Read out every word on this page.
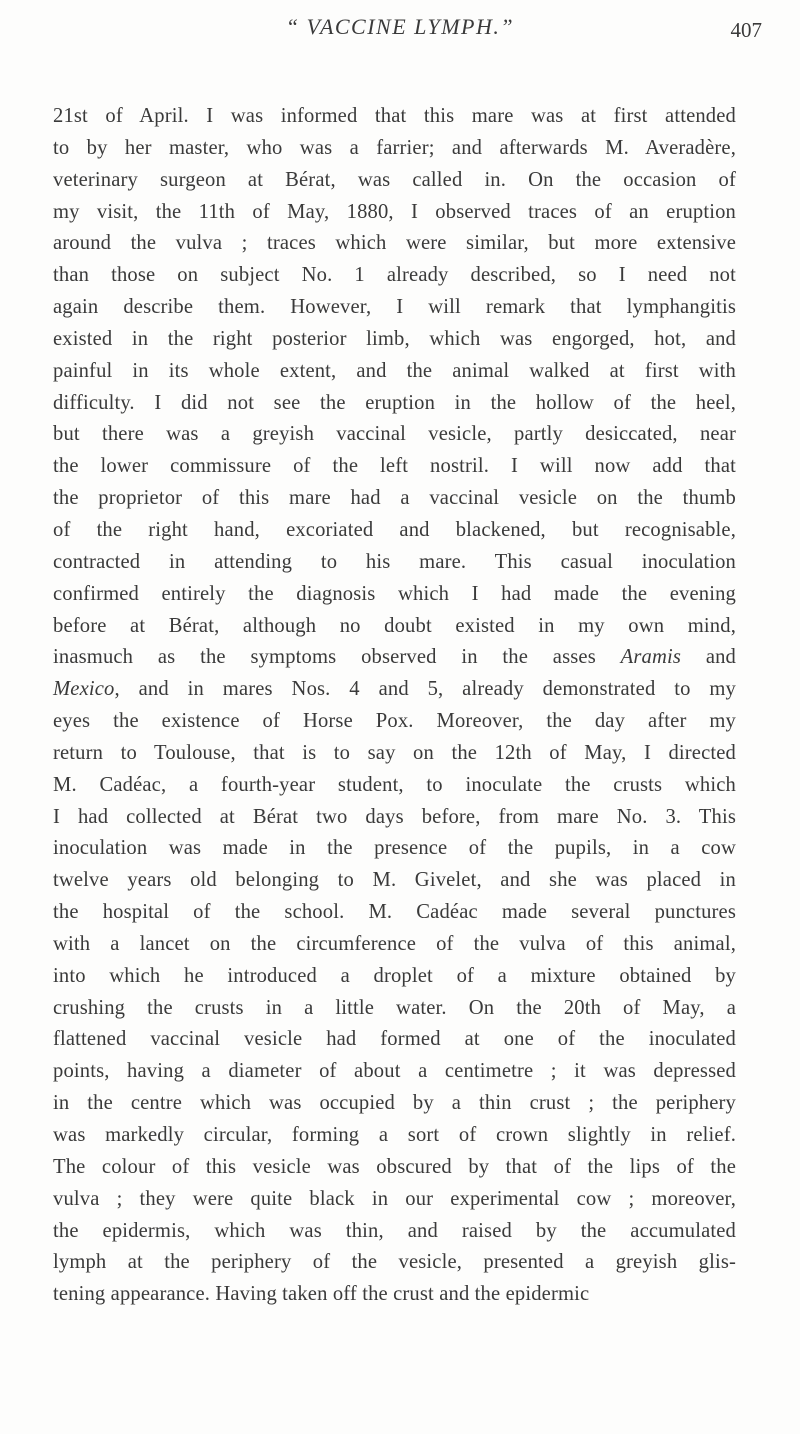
“ VACCINE LYMPH.”	407
21st of April. I was informed that this mare was at first attended
to by her master, who was a farrier; and afterwards M. Averadère,
veterinary surgeon at Bérat, was called in. On the occasion of
my visit, the 11th of May, 1880, I observed traces of an eruption
around the vulva ; traces which were similar, but more extensive
than those on subject No. 1 already described, so I need not
again describe them. However, I will remark that lymphangitis
existed in the right posterior limb, which was engorged, hot, and
painful in its whole extent, and the animal walked at first with
difficulty. I did not see the eruption in the hollow of the heel,
but there was a greyish vaccinal vesicle, partly desiccated, near
the lower commissure of the left nostril. I will now add that
the proprietor of this mare had a vaccinal vesicle on the thumb
of the right hand, excoriated and blackened, but recognisable,
contracted in attending to his mare. This casual inoculation
confirmed entirely the diagnosis which I had made the evening
before at Bérat, although no doubt existed in my own mind,
inasmuch as the symptoms observed in the asses Aramis and
Mexico, and in mares Nos. 4 and 5, already demonstrated to my
eyes the existence of Horse Pox. Moreover, the day after my
return to Toulouse, that is to say on the 12th of May, I directed
M. Cadéac, a fourth-year student, to inoculate the crusts which
I had collected at Bérat two days before, from mare No. 3. This
inoculation was made in the presence of the pupils, in a cow
twelve years old belonging to M. Givelet, and she was placed in
the hospital of the school. M. Cadéac made several punctures
with a lancet on the circumference of the vulva of this animal,
into which he introduced a droplet of a mixture obtained by
crushing the crusts in a little water. On the 20th of May, a
flattened vaccinal vesicle had formed at one of the inoculated
points, having a diameter of about a centimetre ; it was depressed
in the centre which was occupied by a thin crust ; the periphery
was markedly circular, forming a sort of crown slightly in relief.
The colour of this vesicle was obscured by that of the lips of the
vulva ; they were quite black in our experimental cow ; moreover,
the epidermis, which was thin, and raised by the accumulated
lymph at the periphery of the vesicle, presented a greyish glis-
tening appearance. Having taken off the crust and the epidermic
